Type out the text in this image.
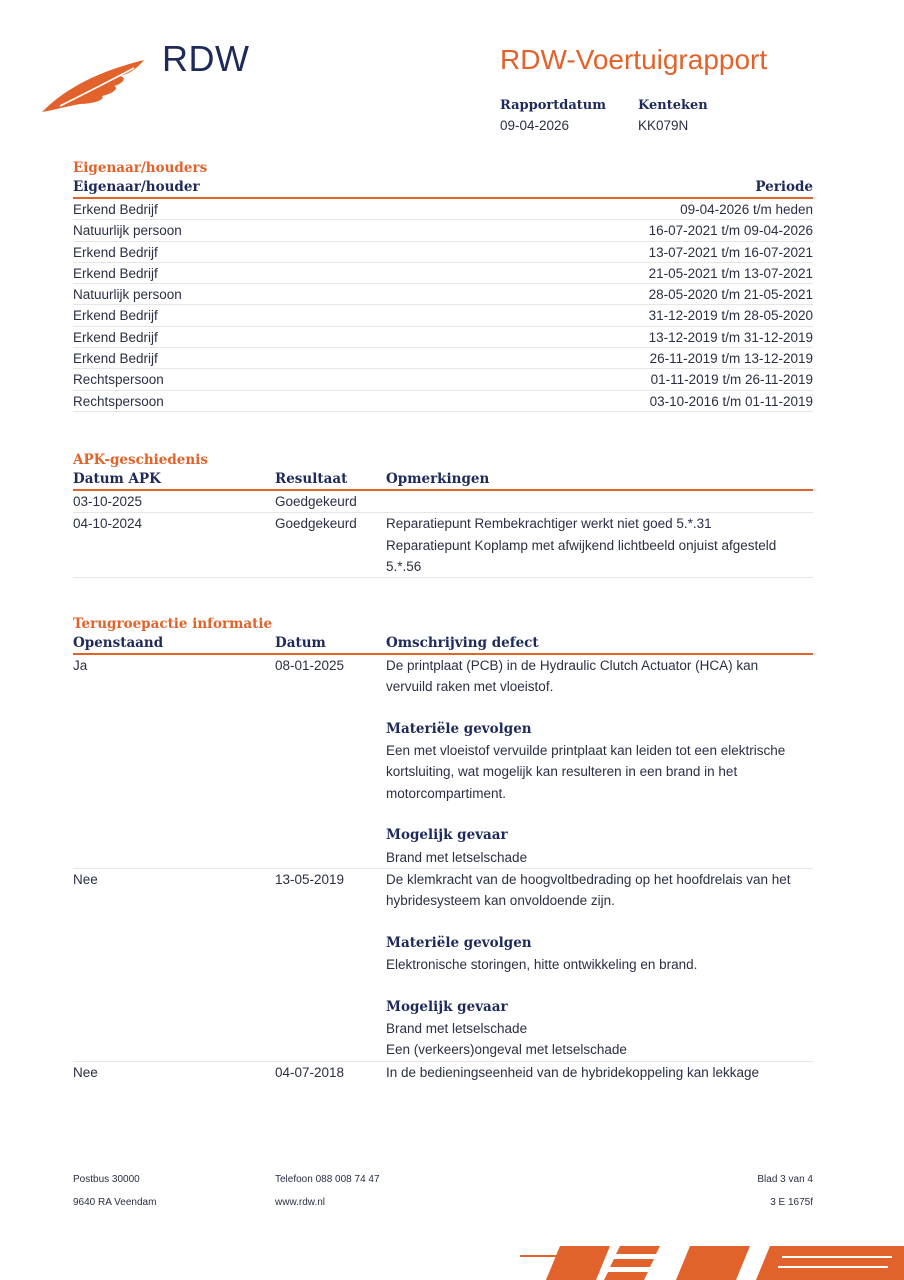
RDW	RDW-Voertuigrapport
Rapportdatum
09-04-2026
Kenteken
KK079N
Eigenaar/houders
Eigenaar/houder	Periode
Erkend Bedrijf	09-04-2026 t/m heden
Natuurlijk persoon	16-07-2021 t/m 09-04-2026
Erkend Bedrijf	13-07-2021 t/m 16-07-2021
Erkend Bedrijf	21-05-2021 t/m 13-07-2021
Natuurlijk persoon	28-05-2020 t/m 21-05-2021
Erkend Bedrijf	31-12-2019 t/m 28-05-2020
Erkend Bedrijf	13-12-2019 t/m 31-12-2019
Erkend Bedrijf	26-11-2019 t/m 13-12-2019
Rechtspersoon	01-11-2019 t/m 26-11-2019
Rechtspersoon	03-10-2016 t/m 01-11-2019
APK-geschiedenis
Datum APK	Resultaat	Opmerkingen
03-10-2025	Goedgekeurd
04-10-2024	Goedgekeurd Reparatiepunt Rembekrachtiger werkt niet goed 5.*.31
Reparatiepunt Koplamp met afwijkend lichtbeeld onjuist afgesteld 5.*.56
Terugroepactie informatie
Openstaand	Datum	Omschrijving defect
Ja	08-01-2025	De printplaat (PCB) in de Hydraulic Clutch Actuator (HCA) kan vervuild raken met vloeistof.
Materiële gevolgen
Een met vloeistof vervuilde printplaat kan leiden tot een elektrische kortsluiting, wat mogelijk kan resulteren in een brand in het motorcompartiment.
Mogelijk gevaar
Brand met letselschade
Nee	13-05-2019	De klemkracht van de hoogvoltbedrading op het hoofdrelais van het hybridesysteem kan onvoldoende zijn.
Materiële gevolgen
Elektronische storingen, hitte ontwikkeling en brand.
Mogelijk gevaar
Brand met letselschade
Een (verkeers)ongeval met letselschade
Nee	04-07-2018	In de bedieningseenheid van de hybridekoppeling kan lekkage
Postbus 30000
9640 RA Veendam
Telefoon 088 008 74 47
www.rdw.nl
Blad 3 van 4
3 E 1675f
